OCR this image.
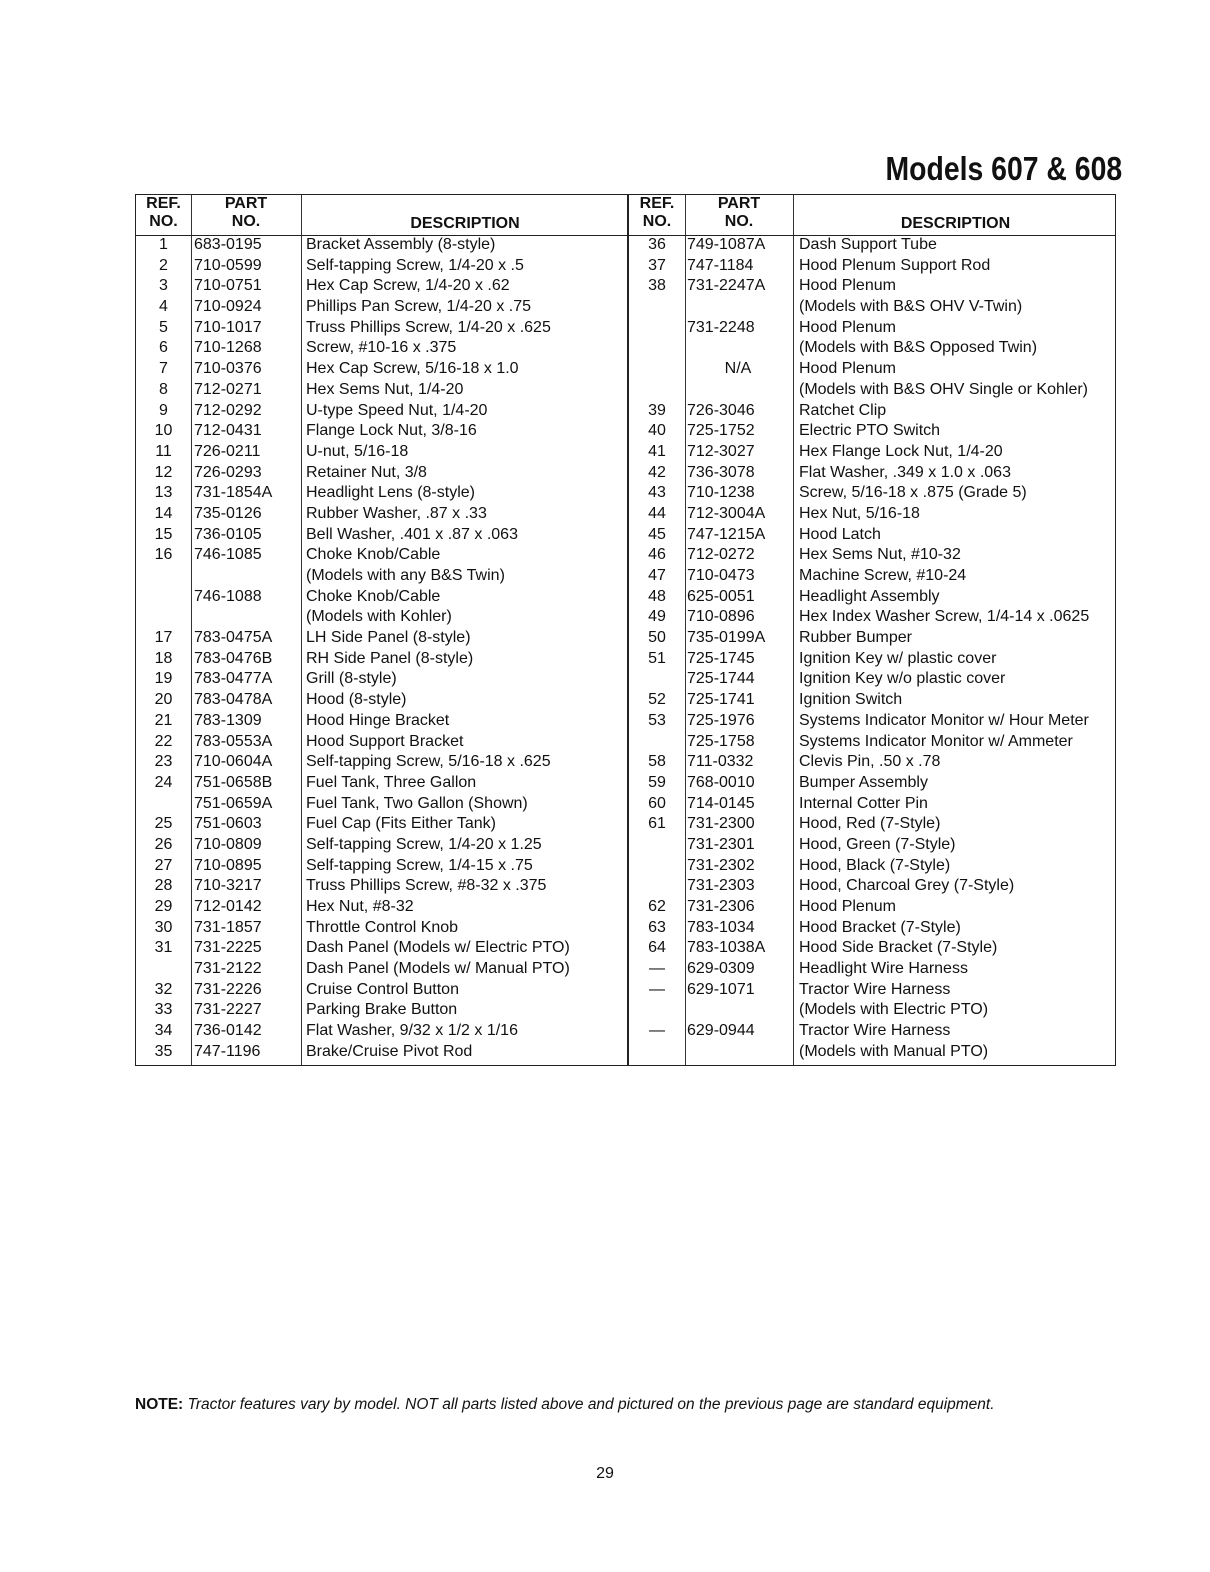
Models 607 & 608
REF.
NO.
PART
NO.	DESCRIPTION
1	683-0195	Bracket Assembly (8-style)
2	710-0599	Self-tapping Screw, 1/4-20 x .5
3	710-0751	Hex Cap Screw, 1/4-20 x .62
4	710-0924	Phillips Pan Screw, 1/4-20 x .75
5	710-1017	Truss Phillips Screw, 1/4-20 x .625
6	710-1268	Screw, #10-16 x .375
7	710-0376	Hex Cap Screw, 5/16-18 x 1.0
8	712-0271	Hex Sems Nut, 1/4-20
9	712-0292	U-type Speed Nut, 1/4-20
10	712-0431	Flange Lock Nut, 3/8-16
11	726-0211	U-nut, 5/16-18
12	726-0293	Retainer Nut, 3/8
13	731-1854A Headlight Lens (8-style)
14	735-0126	Rubber Washer, .87 x .33
15	736-0105	Bell Washer, .401 x .87 x .063
16	746-1085	Choke Knob/Cable
(Models with any B&S Twin)
746-1088	Choke Knob/Cable
(Models with Kohler)
17	783-0475A LH Side Panel (8-style)
18	783-0476B RH Side Panel (8-style)
19	783-0477A Grill (8-style)
20	783-0478A Hood (8-style)
21	783-1309	Hood Hinge Bracket
22	783-0553A Hood Support Bracket
23	710-0604A Self-tapping Screw, 5/16-18 x .625
24	751-0658B Fuel Tank, Three Gallon
751-0659A Fuel Tank, Two Gallon (Shown)
25	751-0603	Fuel Cap (Fits Either Tank)
26	710-0809	Self-tapping Screw, 1/4-20 x 1.25
27	710-0895	Self-tapping Screw, 1/4-15 x .75
28	710-3217	Truss Phillips Screw, #8-32 x .375
29	712-0142	Hex Nut, #8-32
30	731-1857	Throttle Control Knob
31	731-2225	Dash Panel (Models w/ Electric PTO)
731-2122	Dash Panel (Models w/ Manual PTO)
32	731-2226	Cruise Control Button
33	731-2227	Parking Brake Button
34	736-0142	Flat Washer, 9/32 x 1/2 x 1/16
35	747-1196	Brake/Cruise Pivot Rod
REF.
NO.
PART
NO.	DESCRIPTION
36	749-1087A	Dash Support Tube
37	747-1184	Hood Plenum Support Rod
38	731-2247A	Hood Plenum
(Models with B&S OHV V-Twin)
731-2248	Hood Plenum
(Models with B&S Opposed Twin)
N/A	Hood Plenum
(Models with B&S OHV Single or Kohler)
39	726-3046	Ratchet Clip
40	725-1752	Electric PTO Switch
41	712-3027	Hex Flange Lock Nut, 1/4-20
42	736-3078	Flat Washer, .349 x 1.0 x .063
43	710-1238	Screw, 5/16-18 x .875 (Grade 5)
44	712-3004A	Hex Nut, 5/16-18
45	747-1215A	Hood Latch
46	712-0272	Hex Sems Nut, #10-32
47	710-0473	Machine Screw, #10-24
48	625-0051	Headlight Assembly
49	710-0896	Hex Index Washer Screw, 1/4-14 x .0625
50	735-0199A	Rubber Bumper
51	725-1745	Ignition Key w/ plastic cover
725-1744	Ignition Key w/o plastic cover
52	725-1741	Ignition Switch
53	725-1976	Systems Indicator Monitor w/ Hour Meter
725-1758	Systems Indicator Monitor w/ Ammeter
58	711-0332	Clevis Pin, .50 x .78
59	768-0010	Bumper Assembly
60	714-0145	Internal Cotter Pin
61	731-2300	Hood, Red (7-Style)
731-2301	Hood, Green (7-Style)
731-2302	Hood, Black (7-Style)
731-2303	Hood, Charcoal Grey (7-Style)
62	731-2306	Hood Plenum
63	783-1034	Hood Bracket (7-Style)
64	783-1038A	Hood Side Bracket (7-Style)
—	629-0309	Headlight Wire Harness
—	629-1071	Tractor Wire Harness
(Models with Electric PTO)
—	629-0944	Tractor Wire Harness
(Models with Manual PTO)
NOTE: Tractor features vary by model. NOT all parts listed above and pictured on the previous page are standard equipment.
29
